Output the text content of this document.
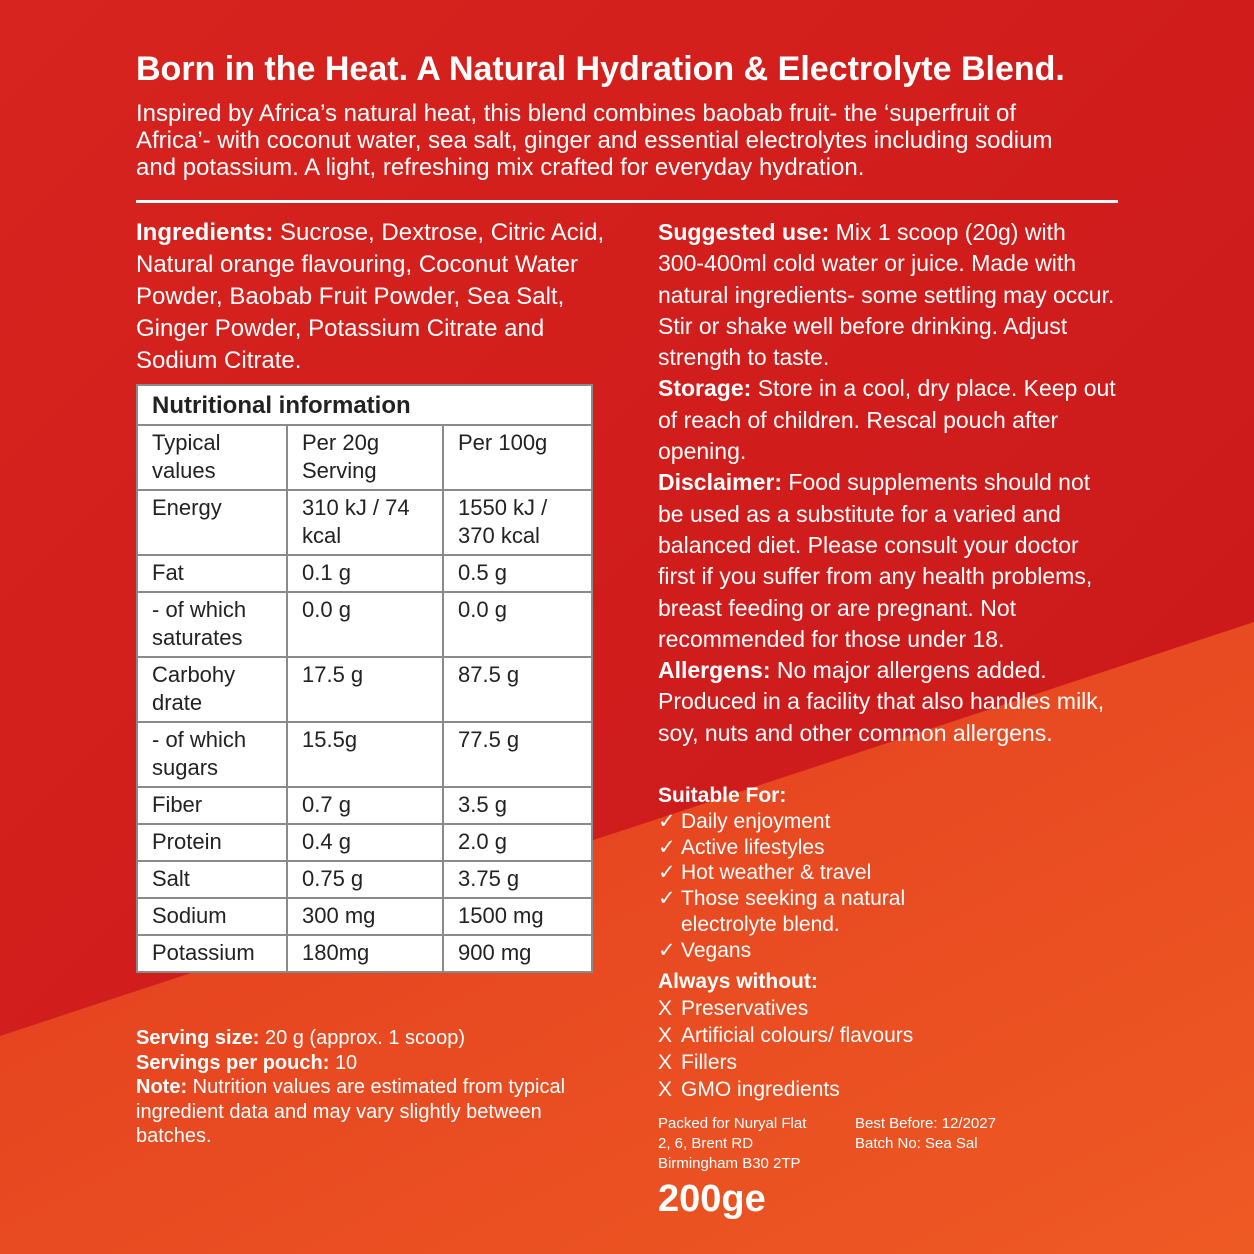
Born in the Heat. A Natural Hydration & Electrolyte Blend.
Inspired by Africa’s natural heat, this blend combines baobab fruit- the ‘superfruit of Africa’- with coconut water, sea salt, ginger and essential electrolytes including sodium and potassium. A light, refreshing mix crafted for everyday hydration.
Ingredients: Sucrose, Dextrose, Citric Acid, Natural orange flavouring, Coconut Water Powder, Baobab Fruit Powder, Sea Salt, Ginger Powder, Potassium Citrate and Sodium Citrate.
Nutritional information		
Typical values	Per 20g Serving	Per 100g
Energy	310 kJ / 74 kcal	1550 kJ / 370 kcal
Fat	0.1 g	0.5 g
- of which saturates	0.0 g	0.0 g
Carbohy drate	17.5 g	87.5 g
- of which sugars	15.5g	77.5 g
Fiber	0.7 g	3.5 g
Protein	0.4 g	2.0 g
Salt	0.75 g	3.75 g
Sodium	300 mg	1500 mg
Potassium	180mg	900 mg
Serving size: 20 g (approx. 1 scoop)
Servings per pouch: 10
Note: Nutrition values are estimated from typical ingredient data and may vary slightly between batches.
Suggested use: Mix 1 scoop (20g) with 300-400ml cold water or juice. Made with natural ingredients- some settling may occur. Stir or shake well before drinking. Adjust strength to taste.
Storage: Store in a cool, dry place. Keep out of reach of children. Rescal pouch after opening.
Disclaimer: Food supplements should not be used as a substitute for a varied and balanced diet. Please consult your doctor first if you suffer from any health problems, breast feeding or are pregnant. Not recommended for those under 18.
Allergens: No major allergens added. Produced in a facility that also handles milk, soy, nuts and other common allergens.
Suitable For:
✓ Daily enjoyment
✓ Active lifestyles
✓ Hot weather & travel
✓ Those seeking a natural electrolyte blend.
✓ Vegans
Always without:
X Preservatives
X Artificial colours/ flavours
X Fillers
X GMO ingredients
Packed for Nuryal Flat
2, 6, Brent RD
Birmingham B30 2TP
Best Before: 12/2027
Batch No: Sea Sal
200ge
